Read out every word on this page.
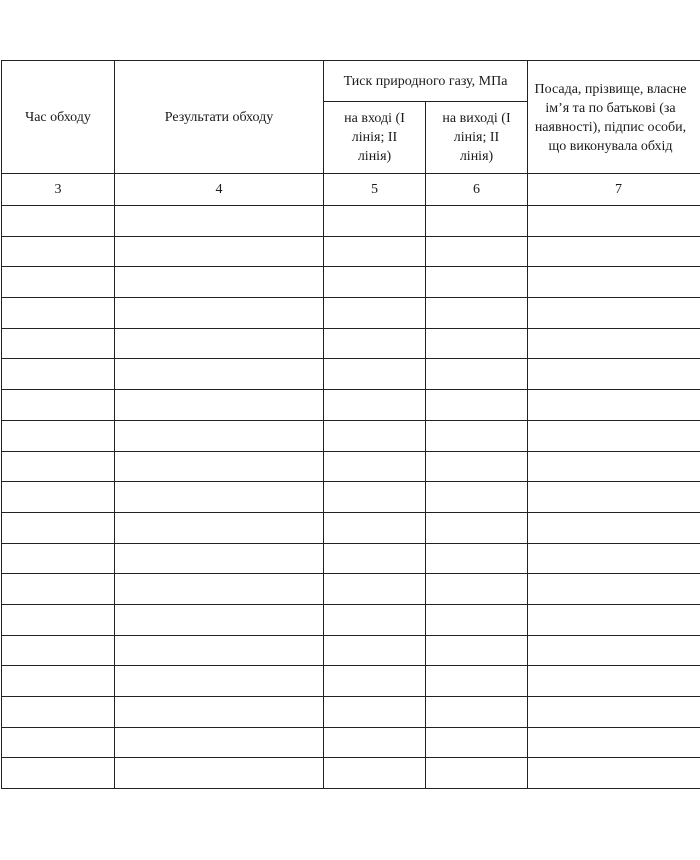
Час обходу	Результати обходу	Тиск природного газу, МПа		Посада, прізвище, власне ім’я та по батькові (за наявності), підпис особи, що виконувала обхід
		на вході (І лінія; ІІ лінія)	на виході (І лінія; ІІ лінія)	
3	4	5	6	7
